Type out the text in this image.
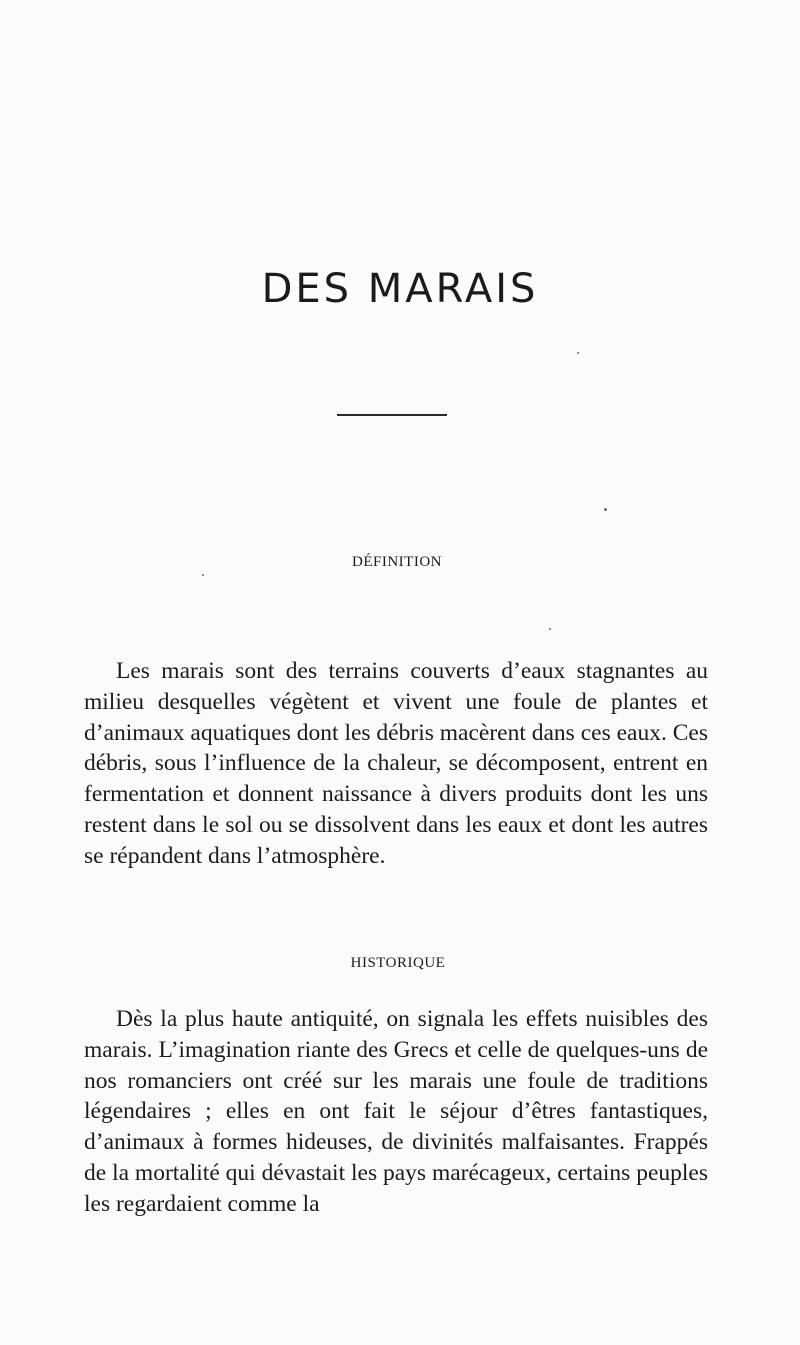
DES MARAIS
DÉFINITION

Les marais sont des terrains couverts d’eaux stagnantes au milieu desquelles végètent et vivent une foule de plantes et d’animaux aquatiques dont les débris macèrent dans ces eaux. Ces débris, sous l’influence de la chaleur, se décomposent, entrent en fermentation et donnent naissance à divers produits dont les uns restent dans le sol ou se dissolvent dans les eaux et dont les autres se répandent dans l’atmosphère.

HISTORIQUE

Dès la plus haute antiquité, on signala les effets nuisibles des marais. L’imagination riante des Grecs et celle de quelques-uns de nos romanciers ont créé sur les marais une foule de traditions légendaires ; elles en ont fait le séjour d’êtres fantastiques, d’animaux à formes hideuses, de divinités malfaisantes. Frappés de la mortalité qui dévastait les pays marécageux, certains peuples les regardaient comme la
